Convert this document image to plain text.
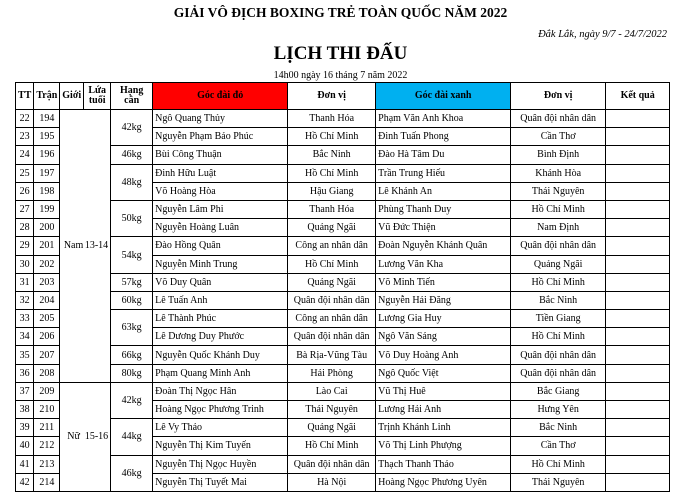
GIẢI VÔ ĐỊCH BOXING TRẺ TOÀN QUỐC NĂM 2022
Đắk Lắk, ngày 9/7 - 24/7/2022
LỊCH THI ĐẤU
14h00 ngày 16 tháng 7 năm 2022
TT	Trận	Giới	Lứa tuổi	Hạng cân	Góc đài đỏ	Đơn vị	Góc đài xanh	Đơn vị	Kết quả
22	194	Nam 13-14		42kg	Ngô Quang Thủy	Thanh Hóa	Phạm Văn Anh Khoa	Quân đội nhân dân	
23	195				Nguyễn Phạm Bảo Phúc	Hồ Chí Minh	Đinh Tuấn Phong	Cần Thơ	
24	196			46kg	Bùi Công Thuận	Bắc Ninh	Đào Hà Tâm Du	Bình Định	
25	197			48kg	Đinh Hữu Luật	Hồ Chí Minh	Trần Trung Hiếu	Khánh Hòa	
26	198				Võ Hoàng Hòa	Hậu Giang	Lê Khánh An	Thái Nguyên	
27	199			50kg	Nguyễn Lâm Phi	Thanh Hóa	Phùng Thanh Duy	Hồ Chí Minh	
28	200				Nguyễn Hoàng Luân	Quảng Ngãi	Vũ Đức Thiện	Nam Định	
29	201			54kg	Đào Hồng Quân	Công an nhân dân	Đoàn Nguyễn Khánh Quân	Quân đội nhân dân	
30	202				Nguyễn Minh Trung	Hồ Chí Minh	Lương Văn Kha	Quảng Ngãi	
31	203			57kg	Võ Duy Quân	Quảng Ngãi	Võ Minh Tiến	Hồ Chí Minh	
32	204			60kg	Lê Tuấn Anh	Quân đội nhân dân	Nguyễn Hải Đăng	Bắc Ninh	
33	205			63kg	Lê Thành Phúc	Công an nhân dân	Lương Gia Huy	Tiền Giang	
34	206				Lê Dương Duy Phước	Quân đội nhân dân	Ngô Văn Sáng	Hồ Chí Minh	
35	207			66kg	Nguyễn Quốc Khánh Duy	Bà Rịa-Vũng Tàu	Võ Duy Hoàng Anh	Quân đội nhân dân	
36	208			80kg	Phạm Quang Minh Anh	Hải Phòng	Ngô Quốc Việt	Quân đội nhân dân	
37	209	Nữ 15-16		42kg	Đoàn Thị Ngọc Hân	Lào Cai	Vũ Thị Huê	Bắc Giang	
38	210				Hoàng Ngọc Phương Trinh	Thái Nguyên	Lương Hải Anh	Hưng Yên	
39	211			44kg	Lê Vy Thảo	Quảng Ngãi	Trịnh Khánh Linh	Bắc Ninh	
40	212				Nguyễn Thị Kim Tuyến	Hồ Chí Minh	Võ Thị Linh Phượng	Cần Thơ	
41	213			46kg	Nguyễn Thị Ngọc Huyền	Quân đội nhân dân	Thạch Thanh Thảo	Hồ Chí Minh	
42	214				Nguyễn Thị Tuyết Mai	Hà Nội	Hoàng Ngọc Phương Uyên	Thái Nguyên	
